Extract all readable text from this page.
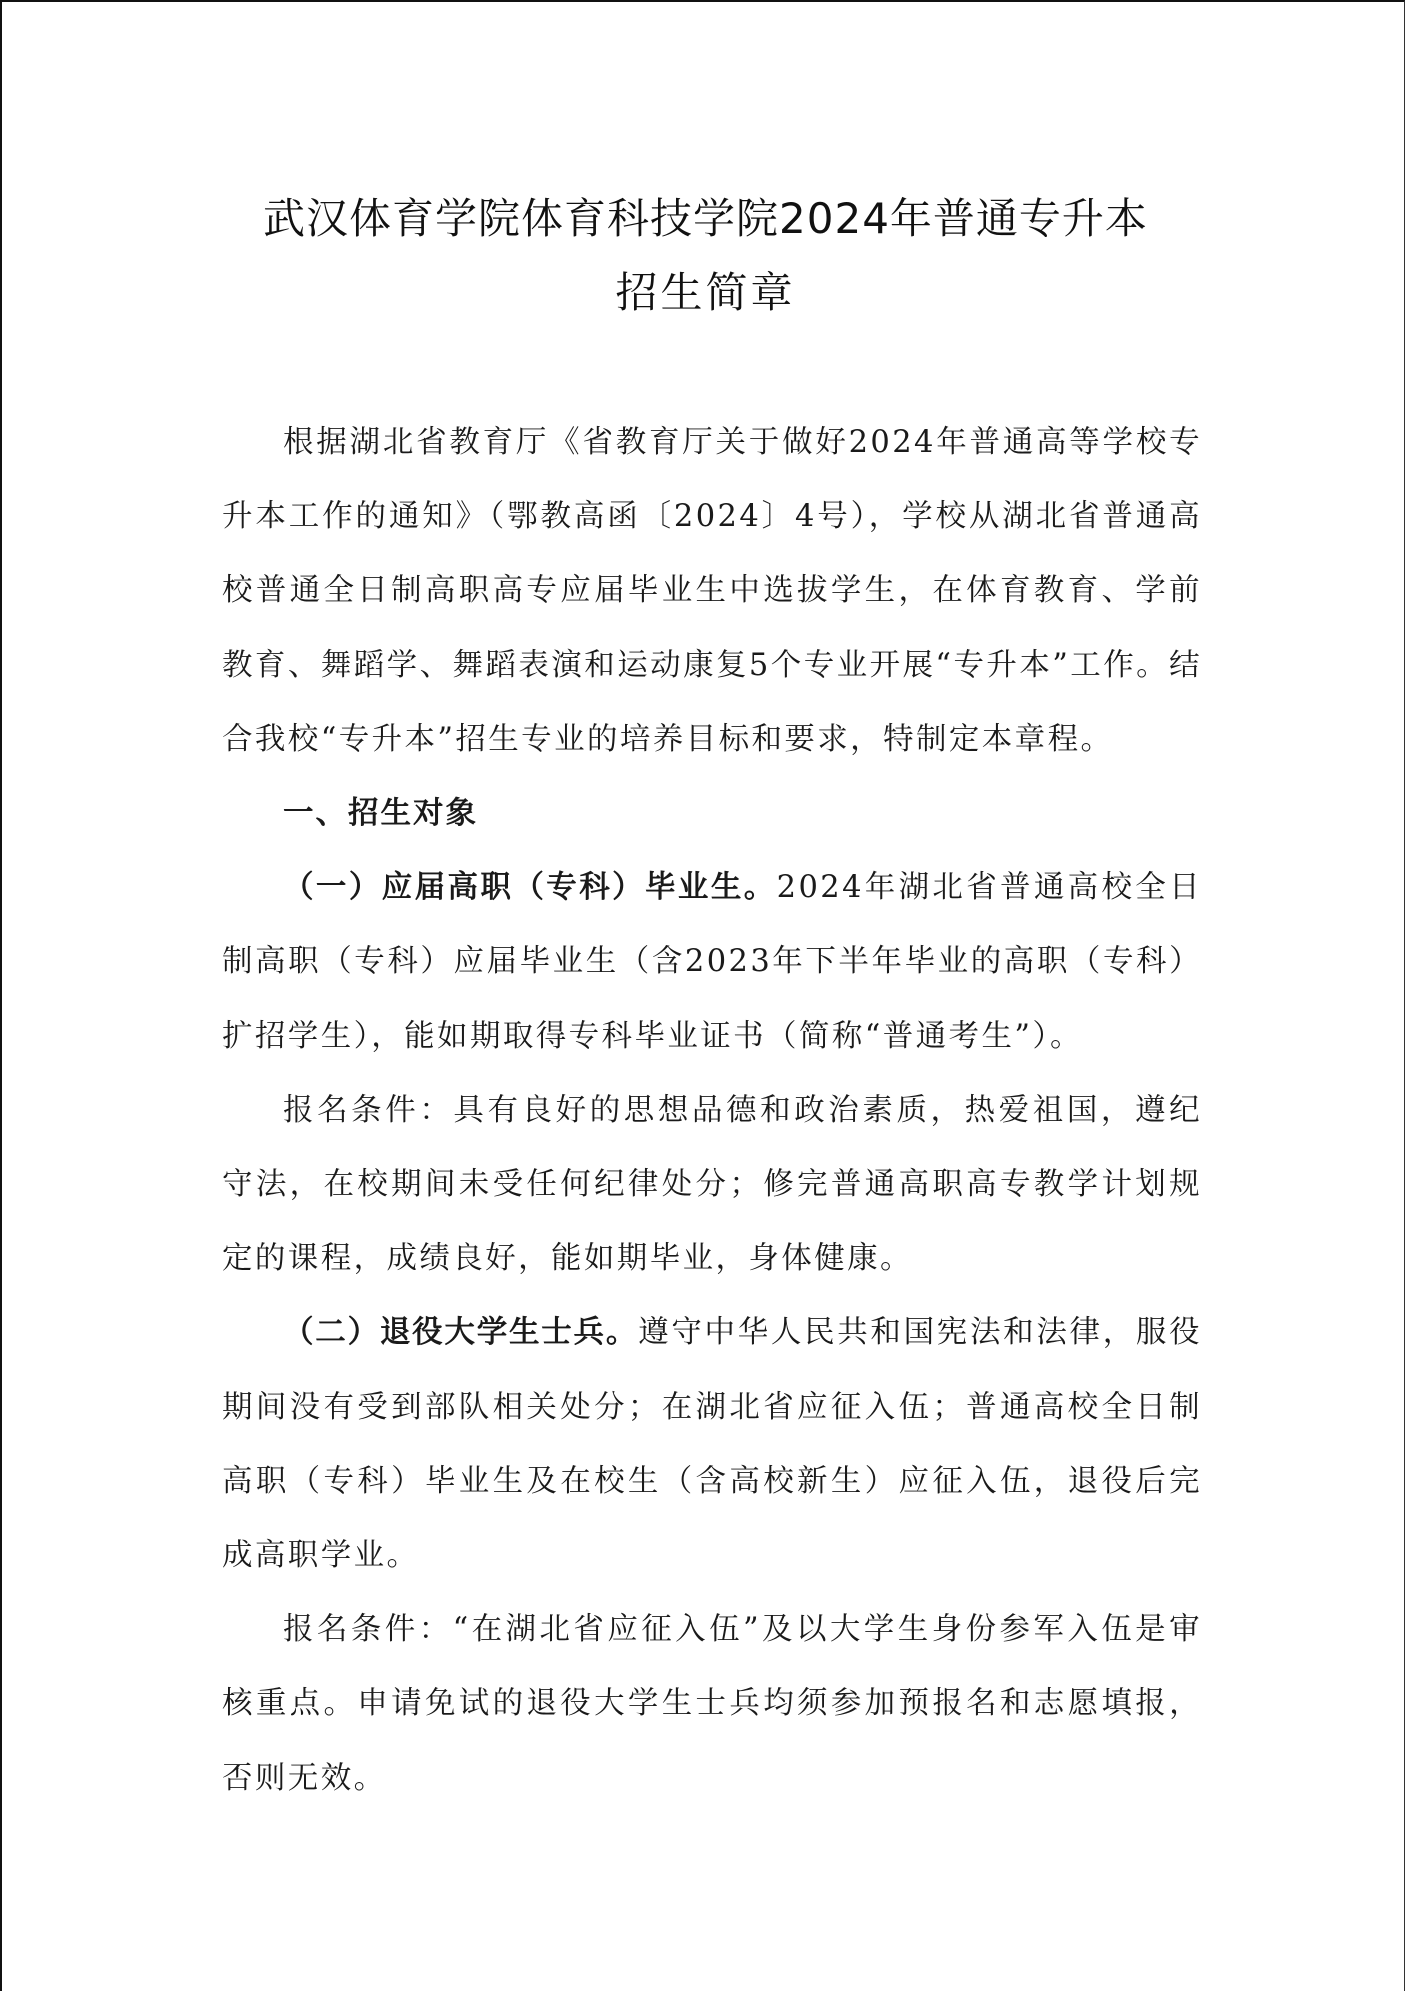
武汉体育学院体育科技学院2024年普通专升本
招生简章

根据湖北省教育厅《省教育厅关于做好2024年普通高等学校专升本工作的通知》（鄂教高函〔2024〕4号），学校从湖北省普通高校普通全日制高职高专应届毕业生中选拔学生，在体育教育、学前教育、舞蹈学、舞蹈表演和运动康复5个专业开展“专升本”工作。结合我校“专升本”招生专业的培养目标和要求，特制定本章程。

一、招生对象

（一）应届高职（专科）毕业生。2024年湖北省普通高校全日制高职（专科）应届毕业生（含2023年下半年毕业的高职（专科）扩招学生），能如期取得专科毕业证书（简称“普通考生”）。

报名条件：具有良好的思想品德和政治素质，热爱祖国，遵纪守法，在校期间未受任何纪律处分；修完普通高职高专教学计划规定的课程，成绩良好，能如期毕业，身体健康。

（二）退役大学生士兵。遵守中华人民共和国宪法和法律，服役期间没有受到部队相关处分；在湖北省应征入伍；普通高校全日制高职（专科）毕业生及在校生（含高校新生）应征入伍，退役后完成高职学业。

报名条件：“在湖北省应征入伍”及以大学生身份参军入伍是审核重点。申请免试的退役大学生士兵均须参加预报名和志愿填报，否则无效。
